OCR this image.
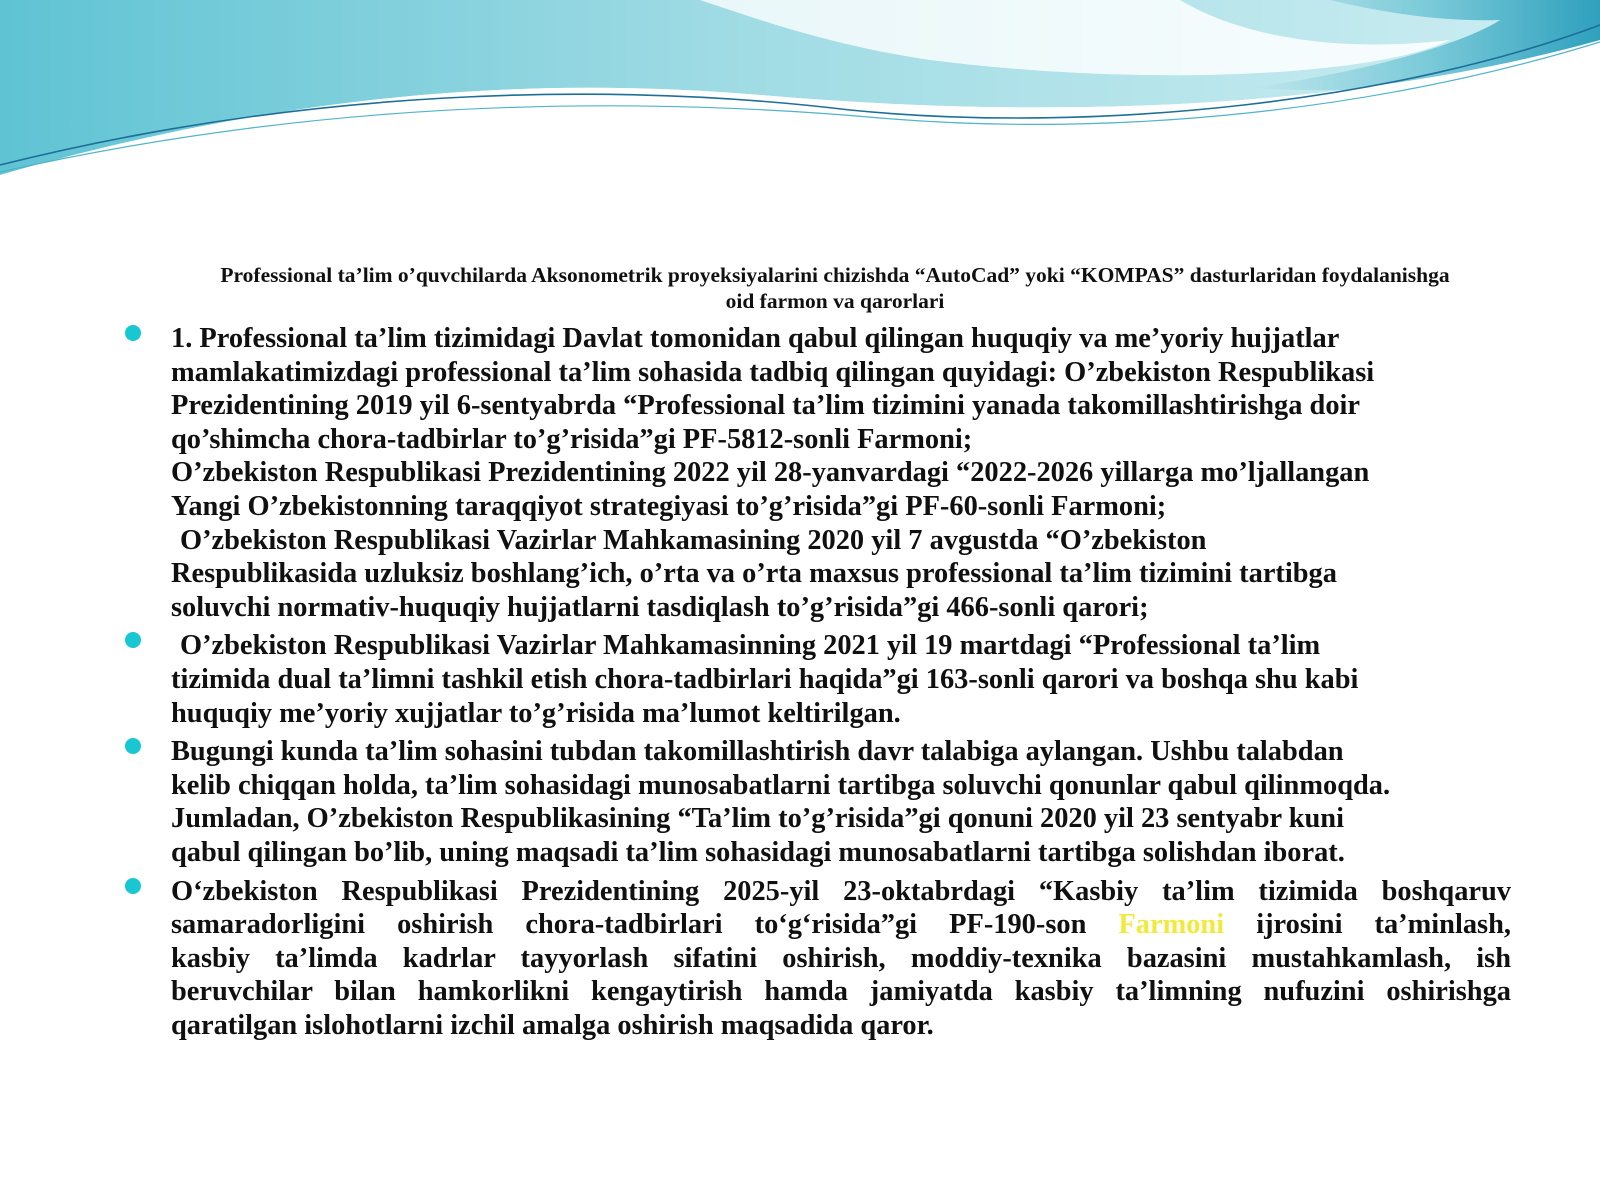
Professional ta’lim o’quvchilarda Aksonometrik proyeksiyalarini chizishda “AutoCad” yoki “KOMPAS” dasturlaridan foydalanishga
oid farmon va qarorlari
1. Professional ta’lim tizimidagi Davlat tomonidan qabul qilingan huquqiy va me’yoriy hujjatlar
mamlakatimizdagi professional ta’lim sohasida tadbiq qilingan quyidagi: O’zbekiston Respublikasi
Prezidentining 2019 yil 6-sentyabrda “Professional ta’lim tizimini yanada takomillashtirishga doir
qo’shimcha chora-tadbirlar to’g’risida”gi PF-5812-sonli Farmoni;
O’zbekiston Respublikasi Prezidentining 2022 yil 28-yanvardagi “2022-2026 yillarga mo’ljallangan
Yangi O’zbekistonning taraqqiyot strategiyasi to’g’risida”gi PF-60-sonli Farmoni;
O’zbekiston Respublikasi Vazirlar Mahkamasining 2020 yil 7 avgustda “O’zbekiston
Respublikasida uzluksiz boshlang’ich, o’rta va o’rta maxsus professional ta’lim tizimini tartibga
soluvchi normativ-huquqiy hujjatlarni tasdiqlash to’g’risida”gi 466-sonli qarori;
O’zbekiston Respublikasi Vazirlar Mahkamasinning 2021 yil 19 martdagi “Professional ta’lim
tizimida dual ta’limni tashkil etish chora-tadbirlari haqida”gi 163-sonli qarori va boshqa shu kabi
huquqiy me’yoriy xujjatlar to’g’risida ma’lumot keltirilgan.
Bugungi kunda ta’lim sohasini tubdan takomillashtirish davr talabiga aylangan. Ushbu talabdan
kelib chiqqan holda, ta’lim sohasidagi munosabatlarni tartibga soluvchi qonunlar qabul qilinmoqda.
Jumladan, O’zbekiston Respublikasining “Ta’lim to’g’risida”gi qonuni 2020 yil 23 sentyabr kuni
qabul qilingan bo’lib, uning maqsadi ta’lim sohasidagi munosabatlarni tartibga solishdan iborat.
O‘zbekiston Respublikasi Prezidentining 2025-yil 23-oktabrdagi “Kasbiy ta’lim tizimida boshqaruv
samaradorligini oshirish chora-tadbirlari to‘g‘risida”gi PF-190-son Farmoni ijrosini ta’minlash,
kasbiy ta’limda kadrlar tayyorlash sifatini oshirish, moddiy-texnika bazasini mustahkamlash, ish
beruvchilar bilan hamkorlikni kengaytirish hamda jamiyatda kasbiy ta’limning nufuzini oshirishga
qaratilgan islohotlarni izchil amalga oshirish maqsadida qaror.
